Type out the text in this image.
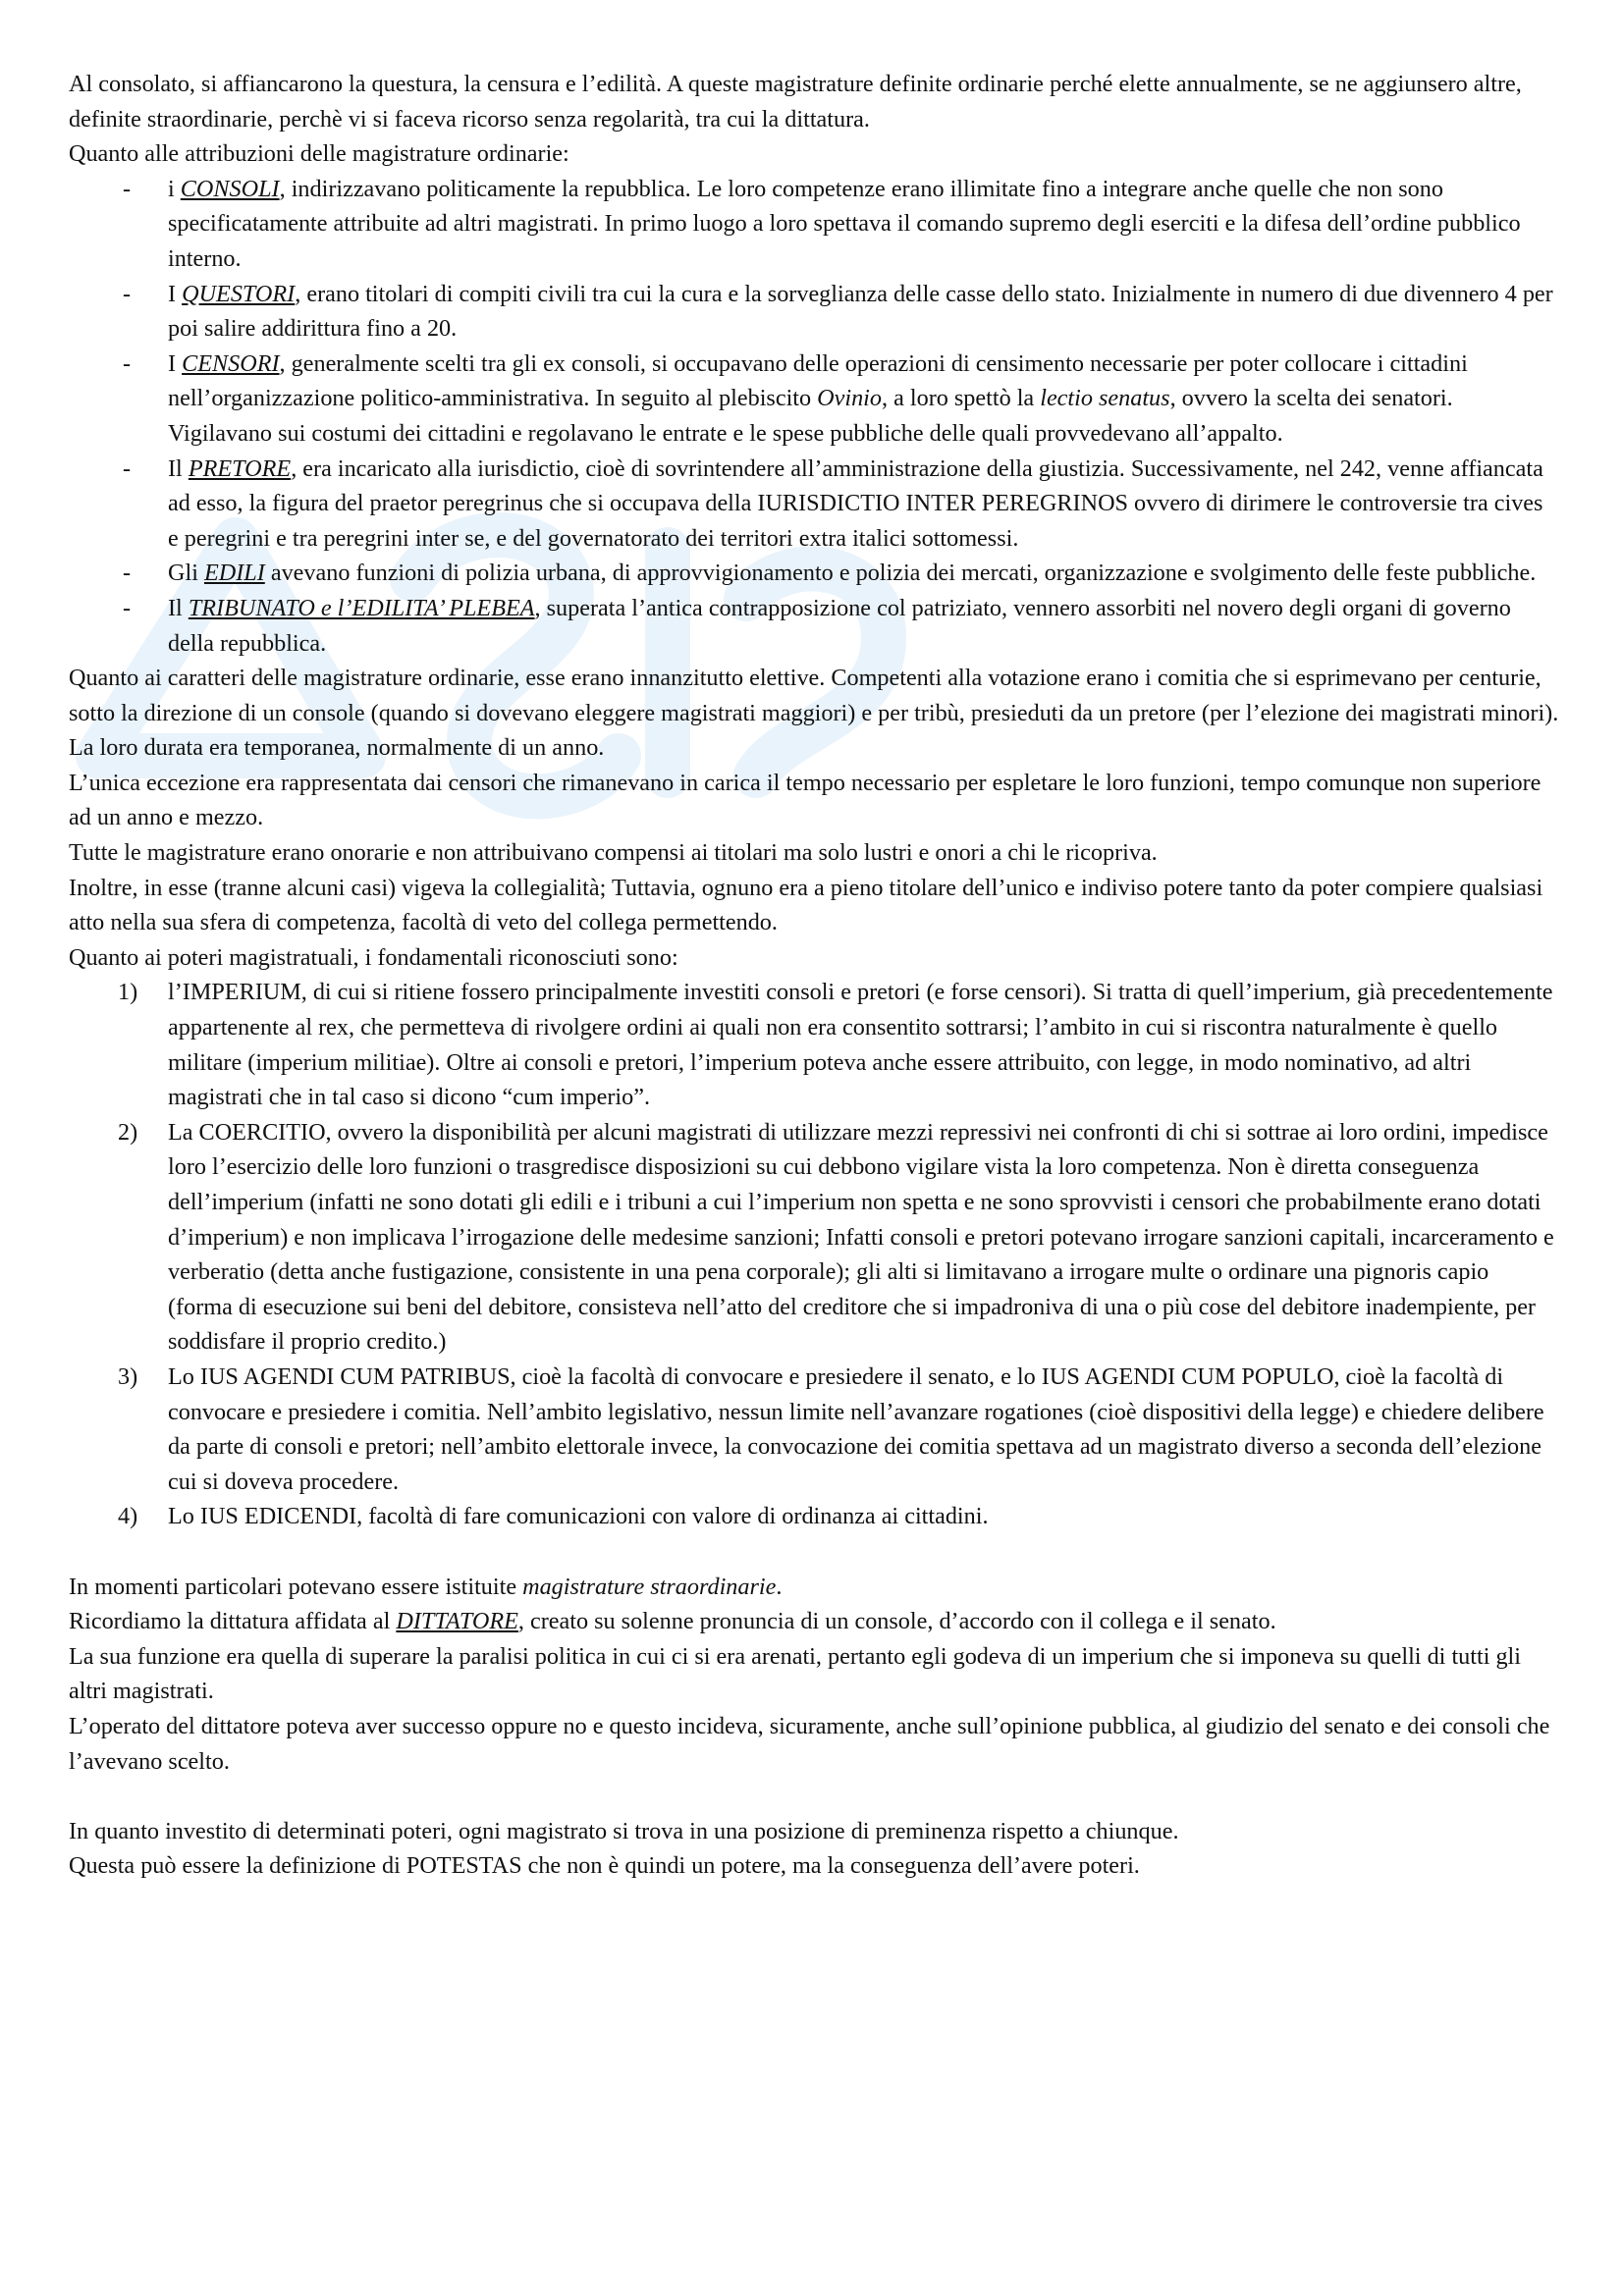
Al consolato, si affiancarono la questura, la censura e l’edilità. A queste magistrature definite ordinarie perché elette annualmente, se ne aggiunsero altre, definite straordinarie, perchè vi si faceva ricorso senza regolarità, tra cui la dittatura.

Quanto alle attribuzioni delle magistrature ordinarie:

- i CONSOLI, indirizzavano politicamente la repubblica. Le loro competenze erano illimitate fino a integrare anche quelle che non sono specificatamente attribuite ad altri magistrati. In primo luogo a loro spettava il comando supremo degli eserciti e la difesa dell’ordine pubblico interno.
- I QUESTORI, erano titolari di compiti civili tra cui la cura e la sorveglianza delle casse dello stato. Inizialmente in numero di due divennero 4 per poi salire addirittura fino a 20.
- I CENSORI, generalmente scelti tra gli ex consoli, si occupavano delle operazioni di censimento necessarie per poter collocare i cittadini nell’organizzazione politico-amministrativa. In seguito al plebiscito Ovinio, a loro spettò la lectio senatus, ovvero la scelta dei senatori. Vigilavano sui costumi dei cittadini e regolavano le entrate e le spese pubbliche delle quali provvedevano all’appalto.
- Il PRETORE, era incaricato alla iurisdictio, cioè di sovrintendere all’amministrazione della giustizia. Successivamente, nel 242, venne affiancata ad esso, la figura del praetor peregrinus che si occupava della IURISDICTIO INTER PEREGRINOS ovvero di dirimere le controversie tra cives e peregrini e tra peregrini inter se, e del governatorato dei territori extra italici sottomessi.
- Gli EDILI avevano funzioni di polizia urbana, di approvvigionamento e polizia dei mercati, organizzazione e svolgimento delle feste pubbliche.
- Il TRIBUNATO e l’EDILITA’ PLEBEA, superata l’antica contrapposizione col patriziato, vennero assorbiti nel novero degli organi di governo della repubblica.

Quanto ai caratteri delle magistrature ordinarie, esse erano innanzitutto elettive. Competenti alla votazione erano i comitia che si esprimevano per centurie, sotto la direzione di un console (quando si dovevano eleggere magistrati maggiori) e per tribù, presieduti da un pretore (per l’elezione dei magistrati minori).

La loro durata era temporanea, normalmente di un anno.

L’unica eccezione era rappresentata dai censori che rimanevano in carica il tempo necessario per espletare le loro funzioni, tempo comunque non superiore ad un anno e mezzo.

Tutte le magistrature erano onorarie e non attribuivano compensi ai titolari ma solo lustri e onori a chi le ricopriva.

Inoltre, in esse (tranne alcuni casi) vigeva la collegialità; Tuttavia, ognuno era a pieno titolare dell’unico e indiviso potere tanto da poter compiere qualsiasi atto nella sua sfera di competenza, facoltà di veto del collega permettendo.

Quanto ai poteri magistratuali, i fondamentali riconosciuti sono:

1) l’IMPERIUM, di cui si ritiene fossero principalmente investiti consoli e pretori (e forse censori). Si tratta di quell’imperium, già precedentemente appartenente al rex, che permetteva di rivolgere ordini ai quali non era consentito sottrarsi; l’ambito in cui si riscontra naturalmente è quello militare (imperium militiae). Oltre ai consoli e pretori, l’imperium poteva anche essere attribuito, con legge, in modo nominativo, ad altri magistrati che in tal caso si dicono “cum imperio”.
2) La COERCITIO, ovvero la disponibilità per alcuni magistrati di utilizzare mezzi repressivi nei confronti di chi si sottrae ai loro ordini, impedisce loro l’esercizio delle loro funzioni o trasgredisce disposizioni su cui debbono vigilare vista la loro competenza. Non è diretta conseguenza dell’imperium (infatti ne sono dotati gli edili e i tribuni a cui l’imperium non spetta e ne sono sprovvisti i censori che probabilmente erano dotati d’imperium) e non implicava l’irrogazione delle medesime sanzioni; Infatti consoli e pretori potevano irrogare sanzioni capitali, incarceramento e verberatio (detta anche fustigazione, consistente in una pena corporale); gli alti si limitavano a irrogare multe o ordinare una pignoris capio (forma di esecuzione sui beni del debitore, consisteva nell’atto del creditore che si impadroniva di una o più cose del debitore inadempiente, per soddisfare il proprio credito.)
3) Lo IUS AGENDI CUM PATRIBUS, cioè la facoltà di convocare e presiedere il senato, e lo IUS AGENDI CUM POPULO, cioè la facoltà di convocare e presiedere i comitia. Nell’ambito legislativo, nessun limite nell’avanzare rogationes (cioè dispositivi della legge) e chiedere delibere da parte di consoli e pretori; nell’ambito elettorale invece, la convocazione dei comitia spettava ad un magistrato diverso a seconda dell’elezione cui si doveva procedere.
4) Lo IUS EDICENDI, facoltà di fare comunicazioni con valore di ordinanza ai cittadini.

In momenti particolari potevano essere istituite magistrature straordinarie.

Ricordiamo la dittatura affidata al DITTATORE, creato su solenne pronuncia di un console, d’accordo con il collega e il senato.

La sua funzione era quella di superare la paralisi politica in cui ci si era arenati, pertanto egli godeva di un imperium che si imponeva su quelli di tutti gli altri magistrati.

L’operato del dittatore poteva aver successo oppure no e questo incideva, sicuramente, anche sull’opinione pubblica, al giudizio del senato e dei consoli che l’avevano scelto.

In quanto investito di determinati poteri, ogni magistrato si trova in una posizione di preminenza rispetto a chiunque.

Questa può essere la definizione di POTESTAS che non è quindi un potere, ma la conseguenza dell’avere poteri.
